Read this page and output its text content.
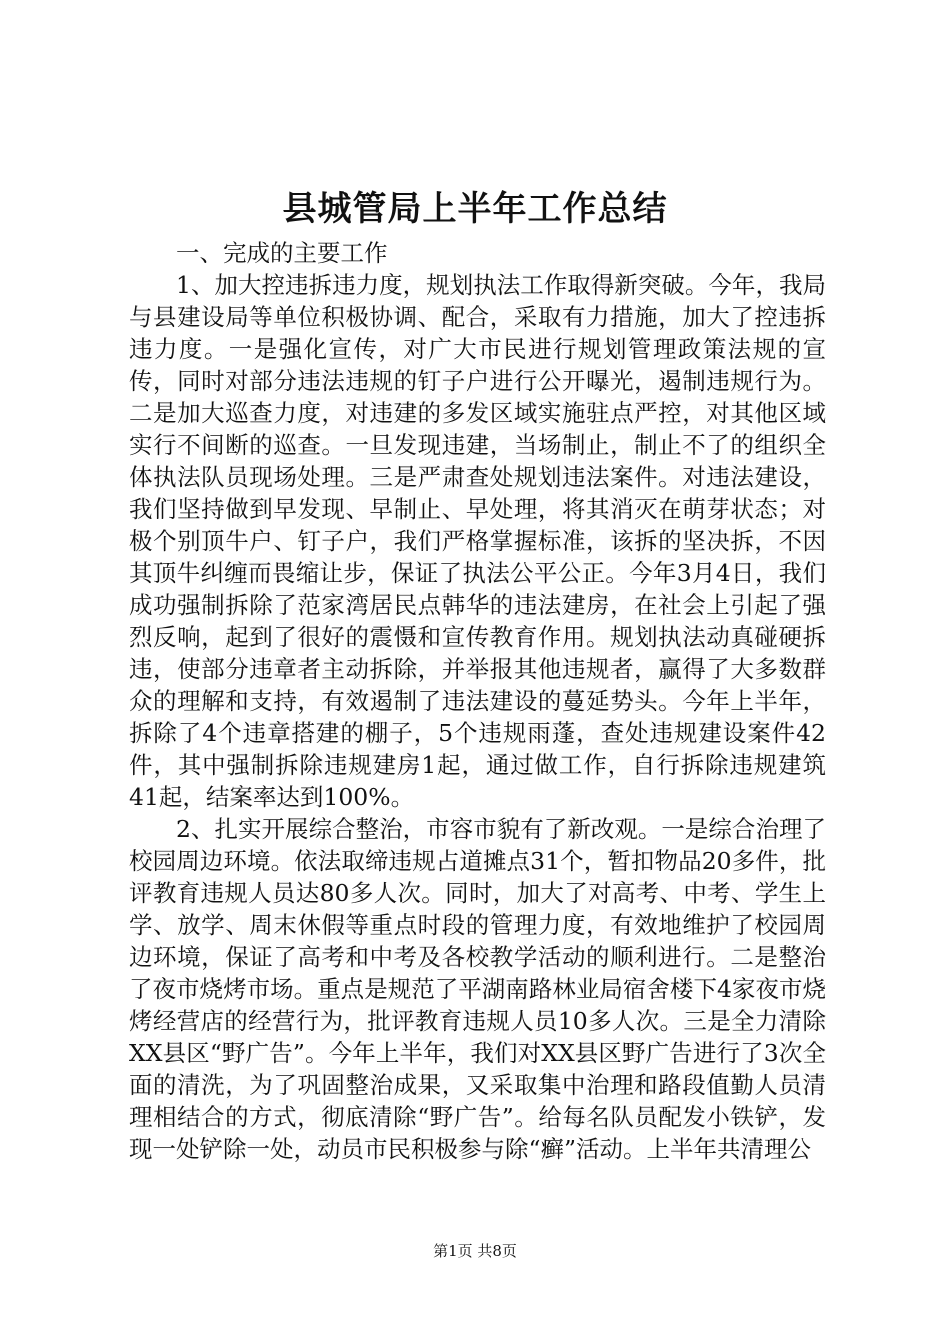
县城管局上半年工作总结

一、完成的主要工作

1、加大控违拆违力度，规划执法工作取得新突破。今年，我局与县建设局等单位积极协调、配合，采取有力措施，加大了控违拆违力度。一是强化宣传，对广大市民进行规划管理政策法规的宣传，同时对部分违法违规的钉子户进行公开曝光，遏制违规行为。二是加大巡查力度，对违建的多发区域实施驻点严控，对其他区域实行不间断的巡查。一旦发现违建，当场制止，制止不了的组织全体执法队员现场处理。三是严肃查处规划违法案件。对违法建设，我们坚持做到早发现、早制止、早处理，将其消灭在萌芽状态；对极个别顶牛户、钉子户，我们严格掌握标准，该拆的坚决拆，不因其顶牛纠缠而畏缩让步，保证了执法公平公正。今年3月4日，我们成功强制拆除了范家湾居民点韩华的违法建房，在社会上引起了强烈反响，起到了很好的震慑和宣传教育作用。规划执法动真碰硬拆违，使部分违章者主动拆除，并举报其他违规者，赢得了大多数群众的理解和支持，有效遏制了违法建设的蔓延势头。今年上半年，拆除了4个违章搭建的棚子，5个违规雨蓬，查处违规建设案件42件，其中强制拆除违规建房1起，通过做工作，自行拆除违规建筑41起，结案率达到100%。

2、扎实开展综合整治，市容市貌有了新改观。一是综合治理了校园周边环境。依法取缔违规占道摊点31个，暂扣物品20多件，批评教育违规人员达80多人次。同时，加大了对高考、中考、学生上学、放学、周末休假等重点时段的管理力度，有效地维护了校园周边环境，保证了高考和中考及各校教学活动的顺利进行。二是整治了夜市烧烤市场。重点是规范了平湖南路林业局宿舍楼下4家夜市烧烤经营店的经营行为，批评教育违规人员10多人次。三是全力清除XX县区“野广告”。今年上半年，我们对XX县区野广告进行了3次全面的清洗，为了巩固整治成果，又采取集中治理和路段值勤人员清理相结合的方式，彻底清除“野广告”。给每名队员配发小铁铲，发现一处铲除一处，动员市民积极参与除“癣”活动。上半年共清理公

第1页 共8页
